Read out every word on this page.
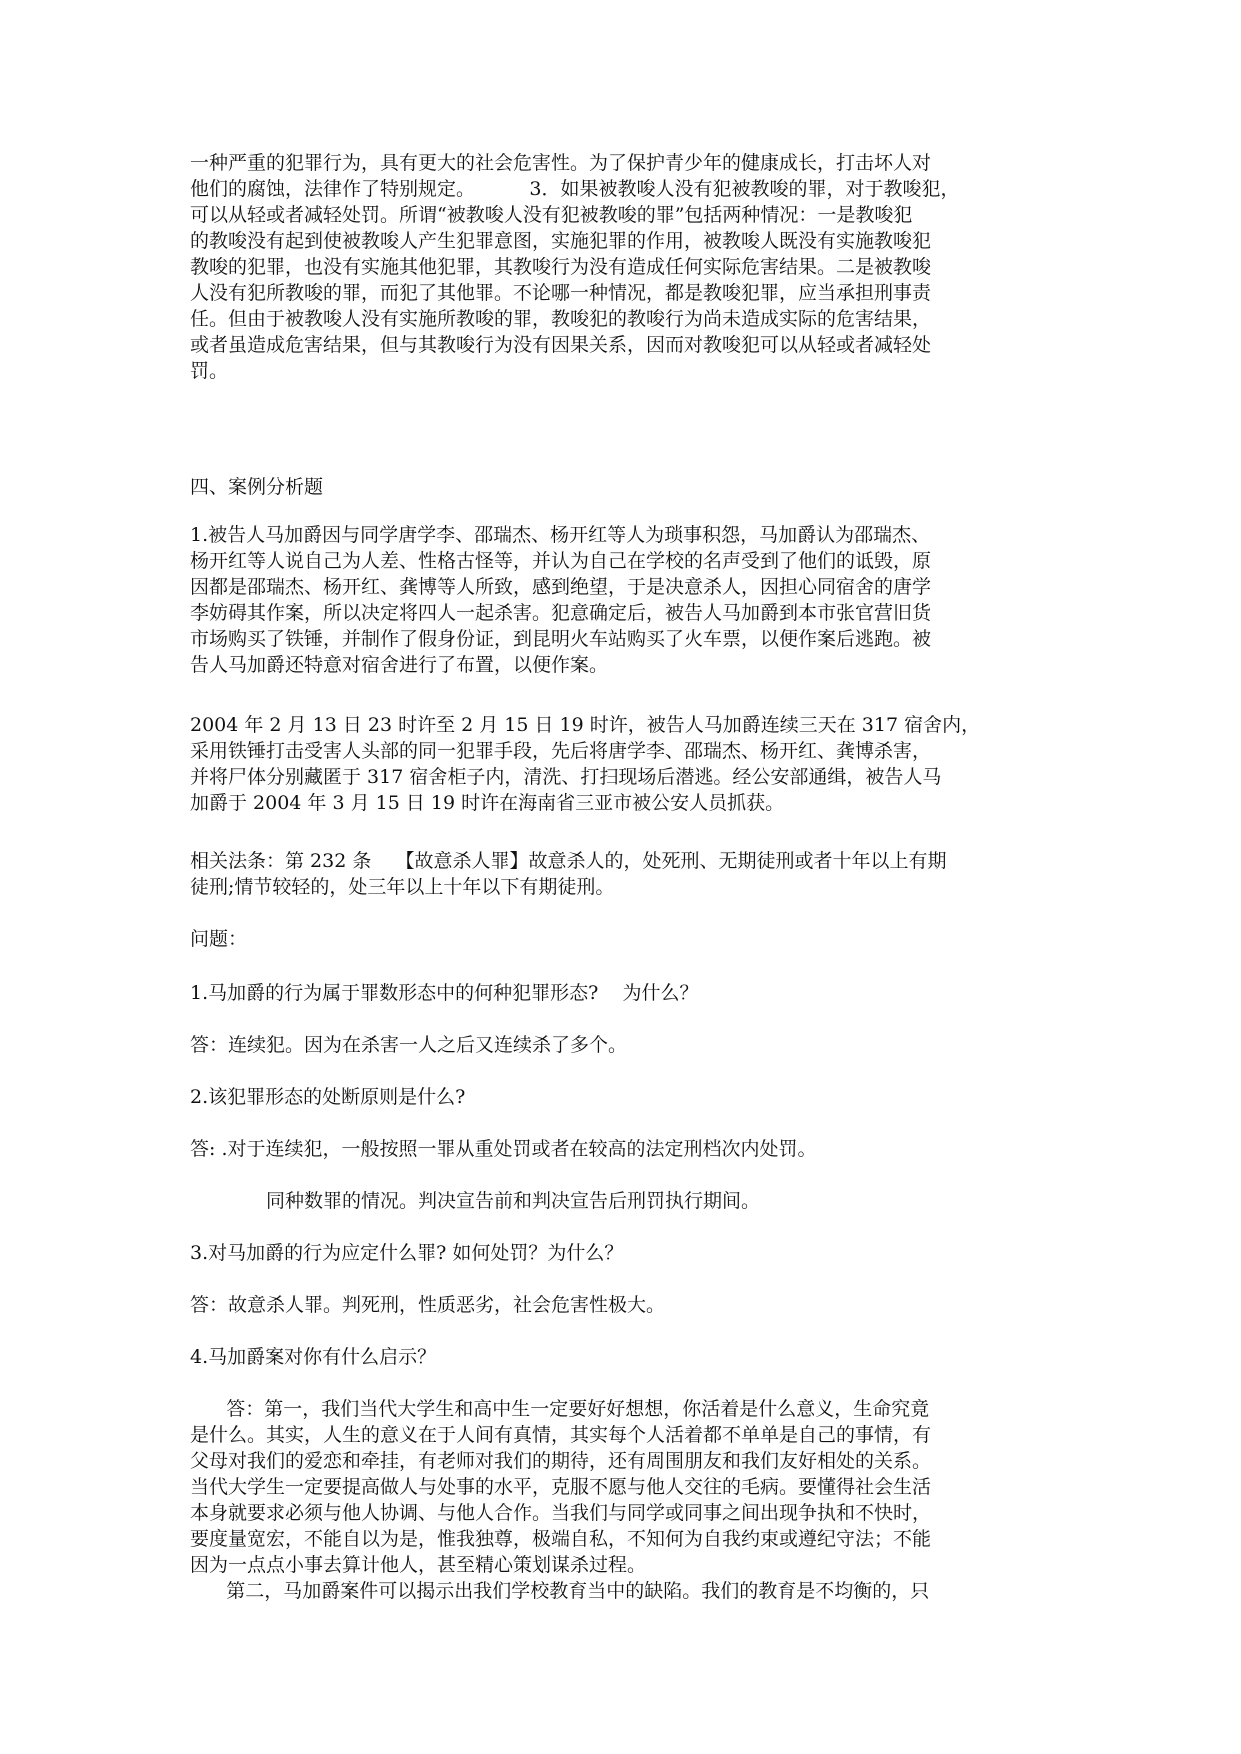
一种严重的犯罪行为，具有更大的社会危害性。为了保护青少年的健康成长，打击坏人对
他们的腐蚀，法律作了特别规定。         3．如果被教唆人没有犯被教唆的罪，对于教唆犯，
可以从轻或者减轻处罚。所谓“被教唆人没有犯被教唆的罪”包括两种情况：一是教唆犯
的教唆没有起到使被教唆人产生犯罪意图，实施犯罪的作用，被教唆人既没有实施教唆犯
教唆的犯罪，也没有实施其他犯罪，其教唆行为没有造成任何实际危害结果。二是被教唆
人没有犯所教唆的罪，而犯了其他罪。不论哪一种情况，都是教唆犯罪，应当承担刑事责
任。但由于被教唆人没有实施所教唆的罪，教唆犯的教唆行为尚未造成实际的危害结果，
或者虽造成危害结果，但与其教唆行为没有因果关系，因而对教唆犯可以从轻或者减轻处
罚。
四、案例分析题
1.被告人马加爵因与同学唐学李、邵瑞杰、杨开红等人为琐事积怨，马加爵认为邵瑞杰、
杨开红等人说自己为人差、性格古怪等，并认为自己在学校的名声受到了他们的诋毁，原
因都是邵瑞杰、杨开红、龚博等人所致，感到绝望，于是决意杀人，因担心同宿舍的唐学
李妨碍其作案，所以决定将四人一起杀害。犯意确定后，被告人马加爵到本市张官营旧货
市场购买了铁锤，并制作了假身份证，到昆明火车站购买了火车票，以便作案后逃跑。被
告人马加爵还特意对宿舍进行了布置，以便作案。
2004 年 2 月 13 日 23 时许至 2 月 15 日 19 时许，被告人马加爵连续三天在 317 宿舍内，
采用铁锤打击受害人头部的同一犯罪手段，先后将唐学李、邵瑞杰、杨开红、龚博杀害，
并将尸体分别藏匿于 317 宿舍柜子内，清洗、打扫现场后潜逃。经公安部通缉，被告人马
加爵于 2004 年 3 月 15 日 19 时许在海南省三亚市被公安人员抓获。
相关法条：第 232 条    【故意杀人罪】故意杀人的，处死刑、无期徒刑或者十年以上有期
徒刑;情节较轻的，处三年以上十年以下有期徒刑。
问题：
1.马加爵的行为属于罪数形态中的何种犯罪形态?    为什么？
答：连续犯。因为在杀害一人之后又连续杀了多个。
2.该犯罪形态的处断原则是什么?
答: .对于连续犯，一般按照一罪从重处罚或者在较高的法定刑档次内处罚。
同种数罪的情况。判决宣告前和判决宣告后刑罚执行期间。
3.对马加爵的行为应定什么罪? 如何处罚？为什么？
答：故意杀人罪。判死刑，性质恶劣，社会危害性极大。
4.马加爵案对你有什么启示？
答：第一，我们当代大学生和高中生一定要好好想想，你活着是什么意义，生命究竟
是什么。其实，人生的意义在于人间有真情，其实每个人活着都不单单是自己的事情，有
父母对我们的爱恋和牵挂，有老师对我们的期待，还有周围朋友和我们友好相处的关系。
当代大学生一定要提高做人与处事的水平，克服不愿与他人交往的毛病。要懂得社会生活
本身就要求必须与他人协调、与他人合作。当我们与同学或同事之间出现争执和不快时，
要度量宽宏，不能自以为是，惟我独尊，极端自私，不知何为自我约束或遵纪守法；不能
因为一点点小事去算计他人，甚至精心策划谋杀过程。
第二，马加爵案件可以揭示出我们学校教育当中的缺陷。我们的教育是不均衡的，只
